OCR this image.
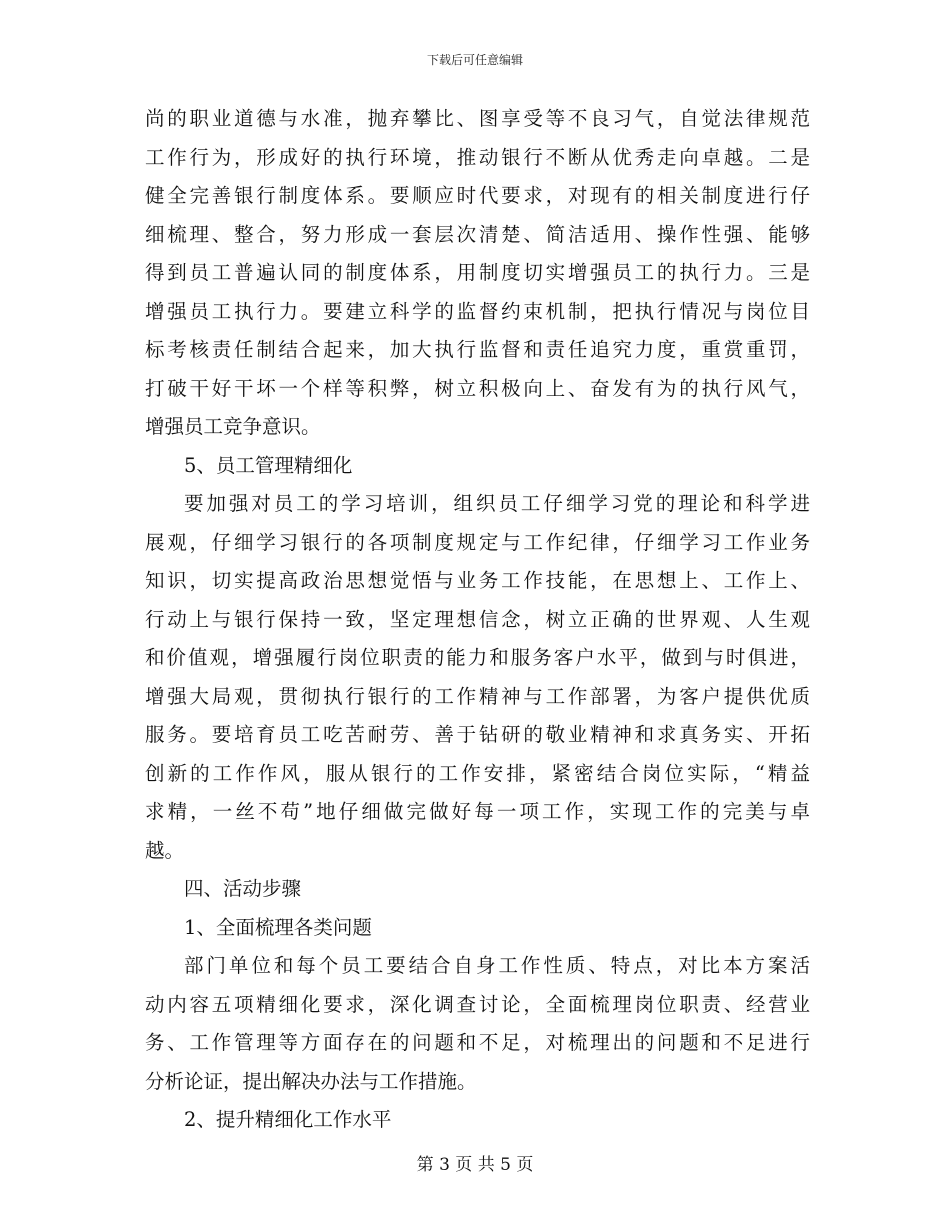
下载后可任意编辑
尚的职业道德与水准，抛弃攀比、图享受等不良习气，自觉法律规范
工作行为，形成好的执行环境，推动银行不断从优秀走向卓越。二是
健全完善银行制度体系。要顺应时代要求，对现有的相关制度进行仔
细梳理、整合，努力形成一套层次清楚、简洁适用、操作性强、能够
得到员工普遍认同的制度体系，用制度切实增强员工的执行力。三是
增强员工执行力。要建立科学的监督约束机制，把执行情况与岗位目
标考核责任制结合起来，加大执行监督和责任追究力度，重赏重罚，
打破干好干坏一个样等积弊，树立积极向上、奋发有为的执行风气，
增强员工竞争意识。
5、员工管理精细化
要加强对员工的学习培训，组织员工仔细学习党的理论和科学进
展观，仔细学习银行的各项制度规定与工作纪律，仔细学习工作业务
知识，切实提高政治思想觉悟与业务工作技能，在思想上、工作上、
行动上与银行保持一致，坚定理想信念，树立正确的世界观、人生观
和价值观，增强履行岗位职责的能力和服务客户水平，做到与时俱进，
增强大局观，贯彻执行银行的工作精神与工作部署，为客户提供优质
服务。要培育员工吃苦耐劳、善于钻研的敬业精神和求真务实、开拓
创新的工作作风，服从银行的工作安排，紧密结合岗位实际，“精益
求精，一丝不苟”地仔细做完做好每一项工作，实现工作的完美与卓
越。
四、活动步骤
1、全面梳理各类问题
部门单位和每个员工要结合自身工作性质、特点，对比本方案活
动内容五项精细化要求，深化调查讨论，全面梳理岗位职责、经营业
务、工作管理等方面存在的问题和不足，对梳理出的问题和不足进行
分析论证，提出解决办法与工作措施。
2、提升精细化工作水平
第 3 页 共 5 页
